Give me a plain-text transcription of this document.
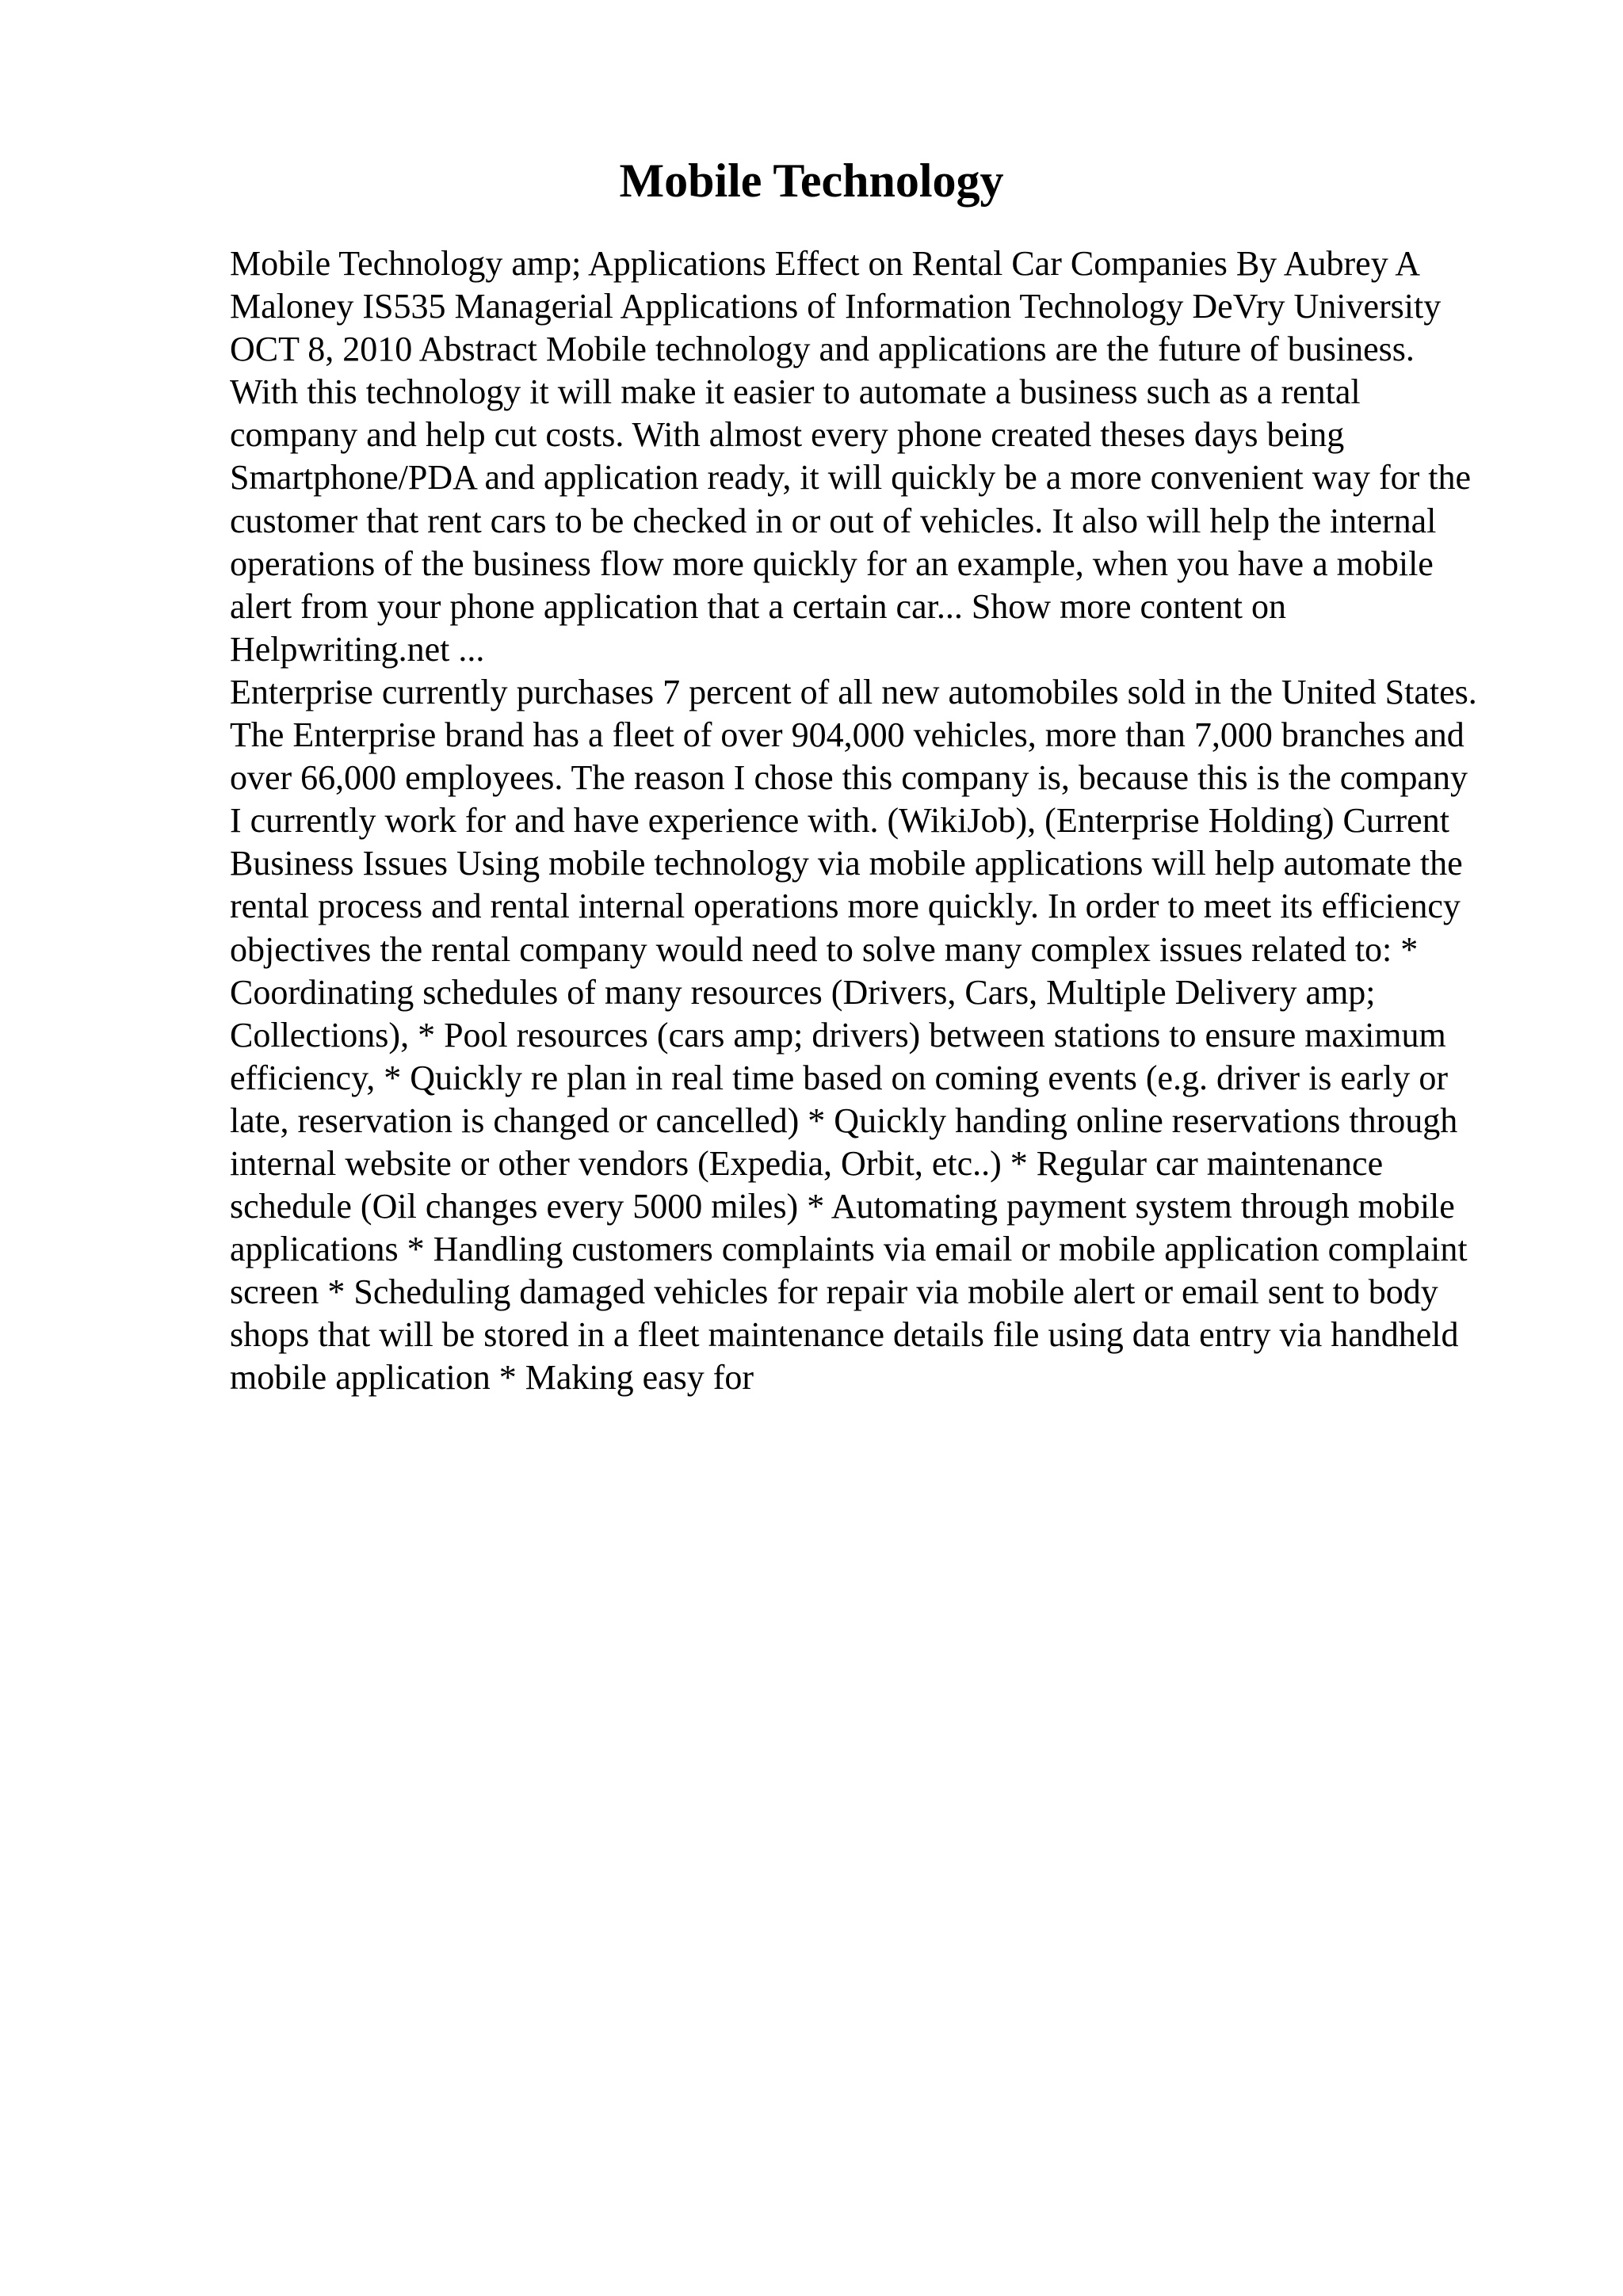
Mobile Technology

Mobile Technology amp; Applications Effect on Rental Car Companies By Aubrey A Maloney IS535 Managerial Applications of Information Technology DeVry University OCT 8, 2010 Abstract Mobile technology and applications are the future of business. With this technology it will make it easier to automate a business such as a rental company and help cut costs. With almost every phone created theses days being Smartphone/PDA and application ready, it will quickly be a more convenient way for the customer that rent cars to be checked in or out of vehicles. It also will help the internal operations of the business flow more quickly for an example, when you have a mobile alert from your phone application that a certain car... Show more content on Helpwriting.net ...

Enterprise currently purchases 7 percent of all new automobiles sold in the United States. The Enterprise brand has a fleet of over 904,000 vehicles, more than 7,000 branches and over 66,000 employees. The reason I chose this company is, because this is the company I currently work for and have experience with. (WikiJob), (Enterprise Holding) Current Business Issues Using mobile technology via mobile applications will help automate the rental process and rental internal operations more quickly. In order to meet its efficiency objectives the rental company would need to solve many complex issues related to: * Coordinating schedules of many resources (Drivers, Cars, Multiple Delivery amp; Collections), * Pool resources (cars amp; drivers) between stations to ensure maximum efficiency, * Quickly re plan in real time based on coming events (e.g. driver is early or late, reservation is changed or cancelled) * Quickly handing online reservations through internal website or other vendors (Expedia, Orbit, etc..) * Regular car maintenance schedule (Oil changes every 5000 miles) * Automating payment system through mobile applications * Handling customers complaints via email or mobile application complaint screen * Scheduling damaged vehicles for repair via mobile alert or email sent to body shops that will be stored in a fleet maintenance details file using data entry via handheld mobile application * Making easy for
